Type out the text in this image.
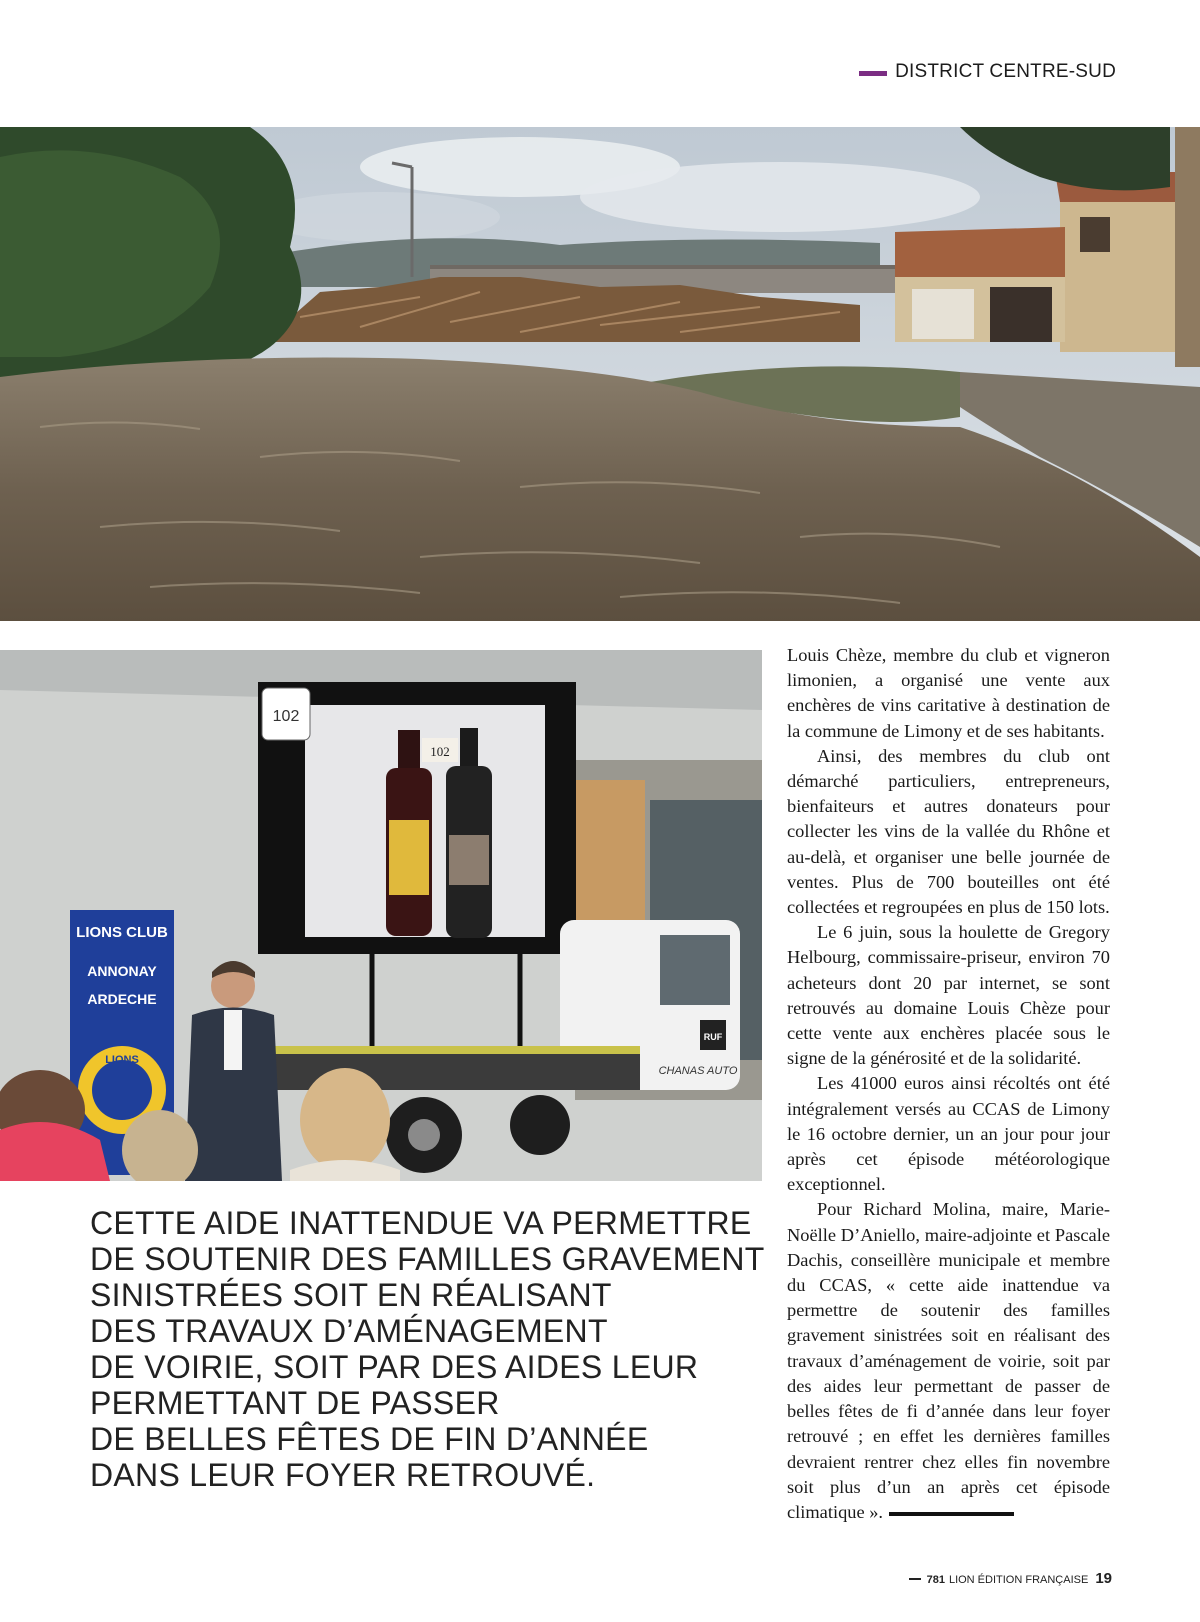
DISTRICT CENTRE-SUD
102
102
RUF
CHANAS AUTO
LIONS CLUB
ANNONAY
ARDECHE
LIONS
CETTE AIDE INATTENDUE VA PERMETTRE
DE SOUTENIR DES FAMILLES GRAVEMENT
SINISTRÉES SOIT EN RÉALISANT
DES TRAVAUX D’AMÉNAGEMENT
DE VOIRIE, SOIT PAR DES AIDES LEUR
PERMETTANT DE PASSER
DE BELLES FÊTES DE FIN D’ANNÉE
DANS LEUR FOYER RETROUVÉ.

Louis Chèze, membre du club et vigneron limonien, a organisé une vente aux enchères de vins caritative à destination de la commune de Limony et de ses habitants.

Ainsi, des membres du club ont démarché particuliers, entrepreneurs, bienfaiteurs et autres donateurs pour collecter les vins de la vallée du Rhône et au-delà, et organiser une belle journée de ventes. Plus de 700 bouteilles ont été collectées et regroupées en plus de 150 lots.

Le 6 juin, sous la houlette de Gregory Helbourg, commissaire-priseur, environ 70 acheteurs dont 20 par internet, se sont retrouvés au domaine Louis Chèze pour cette vente aux enchères placée sous le signe de la générosité et de la solidarité.

Les 41000 euros ainsi récoltés ont été intégralement versés au CCAS de Limony le 16 octobre dernier, un an jour pour jour après cet épisode météorologique exceptionnel.

Pour Richard Molina, maire, Marie-Noëlle D’Aniello, maire-adjointe et Pascale Dachis, conseillère municipale et membre du CCAS, « cette aide inattendue va permettre de soutenir des familles gravement sinistrées soit en réalisant des travaux d’aménagement de voirie, soit par des aides leur permettant de passer de belles fêtes de fi d’année dans leur foyer retrouvé ; en effet les dernières familles devraient rentrer chez elles fin novembre soit plus d’un an après cet épisode climatique ».

781 LION ÉDITION FRANÇAISE 19
